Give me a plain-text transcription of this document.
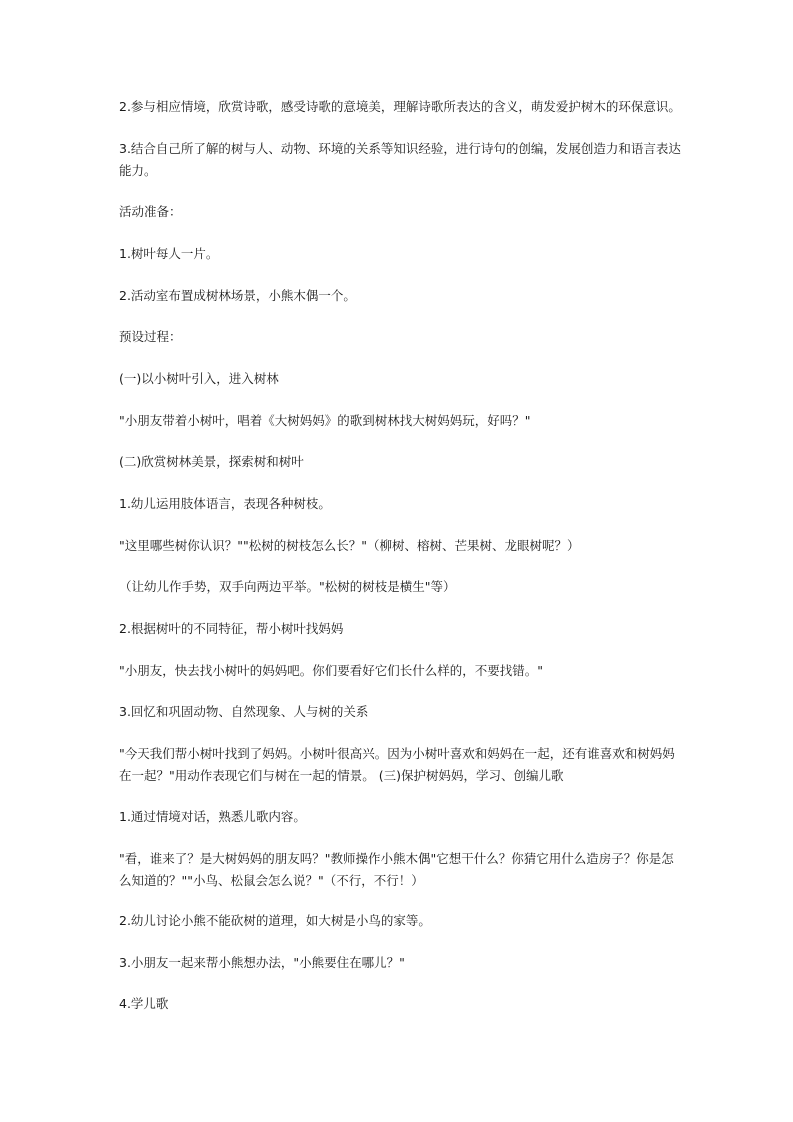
2.参与相应情境，欣赏诗歌，感受诗歌的意境美，理解诗歌所表达的含义，萌发爱护树木的环保意识。

3.结合自己所了解的树与人、动物、环境的关系等知识经验，进行诗句的创编，发展创造力和语言表达能力。

活动准备：

1.树叶每人一片。

2.活动室布置成树林场景，小熊木偶一个。

预设过程：

(一)以小树叶引入，进入树林

"小朋友带着小树叶，唱着《大树妈妈》的歌到树林找大树妈妈玩，好吗？"

(二)欣赏树林美景，探索树和树叶

1.幼儿运用肢体语言，表现各种树枝。

"这里哪些树你认识？""松树的树枝怎么长？"（柳树、榕树、芒果树、龙眼树呢？）

（让幼儿作手势，双手向两边平举。"松树的树枝是横生"等）

2.根据树叶的不同特征，帮小树叶找妈妈

"小朋友，快去找小树叶的妈妈吧。你们要看好它们长什么样的，不要找错。"

3.回忆和巩固动物、自然现象、人与树的关系

"今天我们帮小树叶找到了妈妈。小树叶很高兴。因为小树叶喜欢和妈妈在一起，还有谁喜欢和树妈妈在一起？"用动作表现它们与树在一起的情景。 (三)保护树妈妈，学习、创编儿歌

1.通过情境对话，熟悉儿歌内容。

"看，谁来了？是大树妈妈的朋友吗？"教师操作小熊木偶"它想干什么？你猜它用什么造房子？你是怎么知道的？""小鸟、松鼠会怎么说？"（不行，不行！）

2.幼儿讨论小熊不能砍树的道理，如大树是小鸟的家等。

3.小朋友一起来帮小熊想办法，"小熊要住在哪儿？"

4.学儿歌
